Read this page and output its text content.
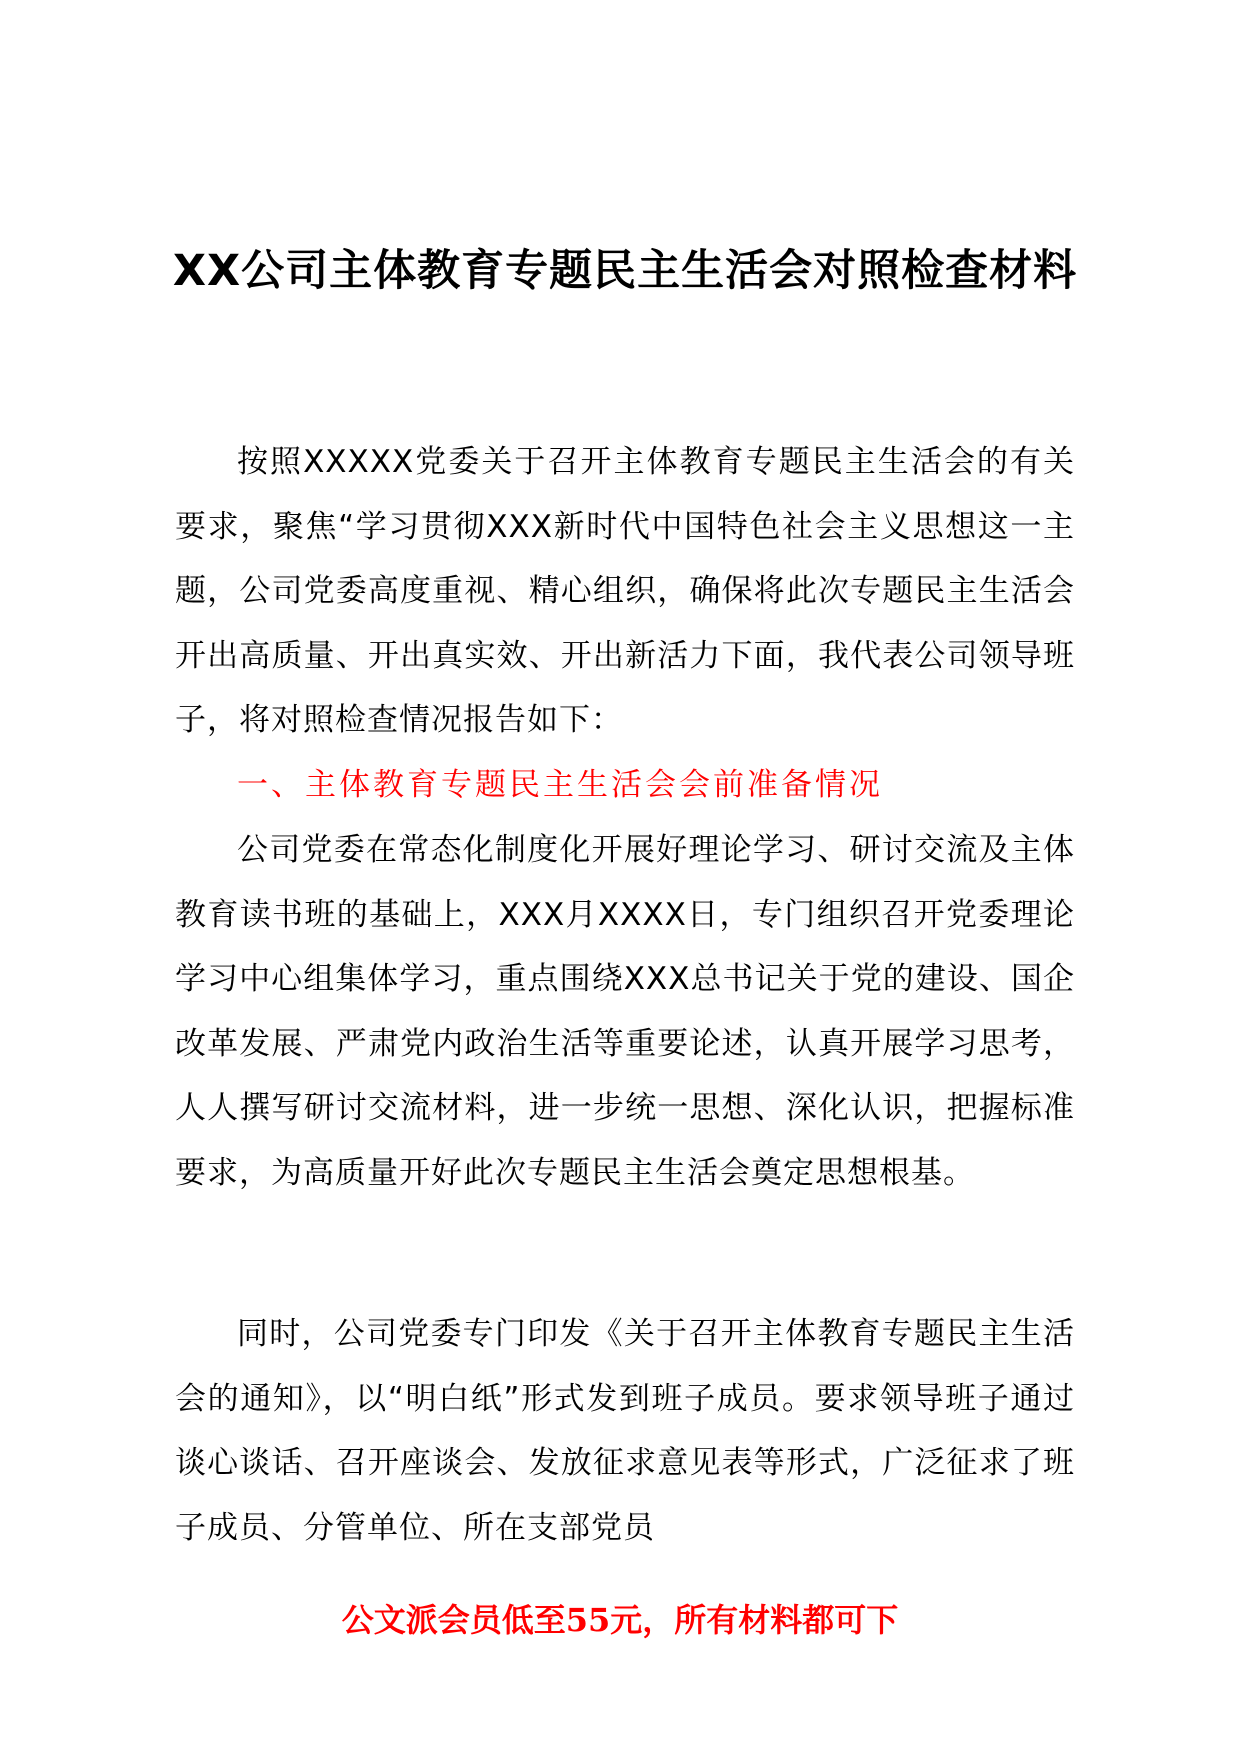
XX公司主体教育专题民主生活会对照检查材料

按照XXXXX党委关于召开主体教育专题民主生活会的有关要求，聚焦“学习贯彻XXX新时代中国特色社会主义思想这一主题，公司党委高度重视、精心组织，确保将此次专题民主生活会开出高质量、开出真实效、开出新活力下面，我代表公司领导班子，将对照检查情况报告如下：

一、主体教育专题民主生活会会前准备情况

公司党委在常态化制度化开展好理论学习、研讨交流及主体教育读书班的基础上，XXX月XXXX日，专门组织召开党委理论学习中心组集体学习，重点围绕XXX总书记关于党的建设、国企改革发展、严肃党内政治生活等重要论述，认真开展学习思考，人人撰写研讨交流材料，进一步统一思想、深化认识，把握标准要求，为高质量开好此次专题民主生活会奠定思想根基。

同时，公司党委专门印发《关于召开主体教育专题民主生活会的通知》，以“明白纸”形式发到班子成员。要求领导班子通过谈心谈话、召开座谈会、发放征求意见表等形式，广泛征求了班子成员、分管单位、所在支部党员

公文派会员低至55元，所有材料都可下
